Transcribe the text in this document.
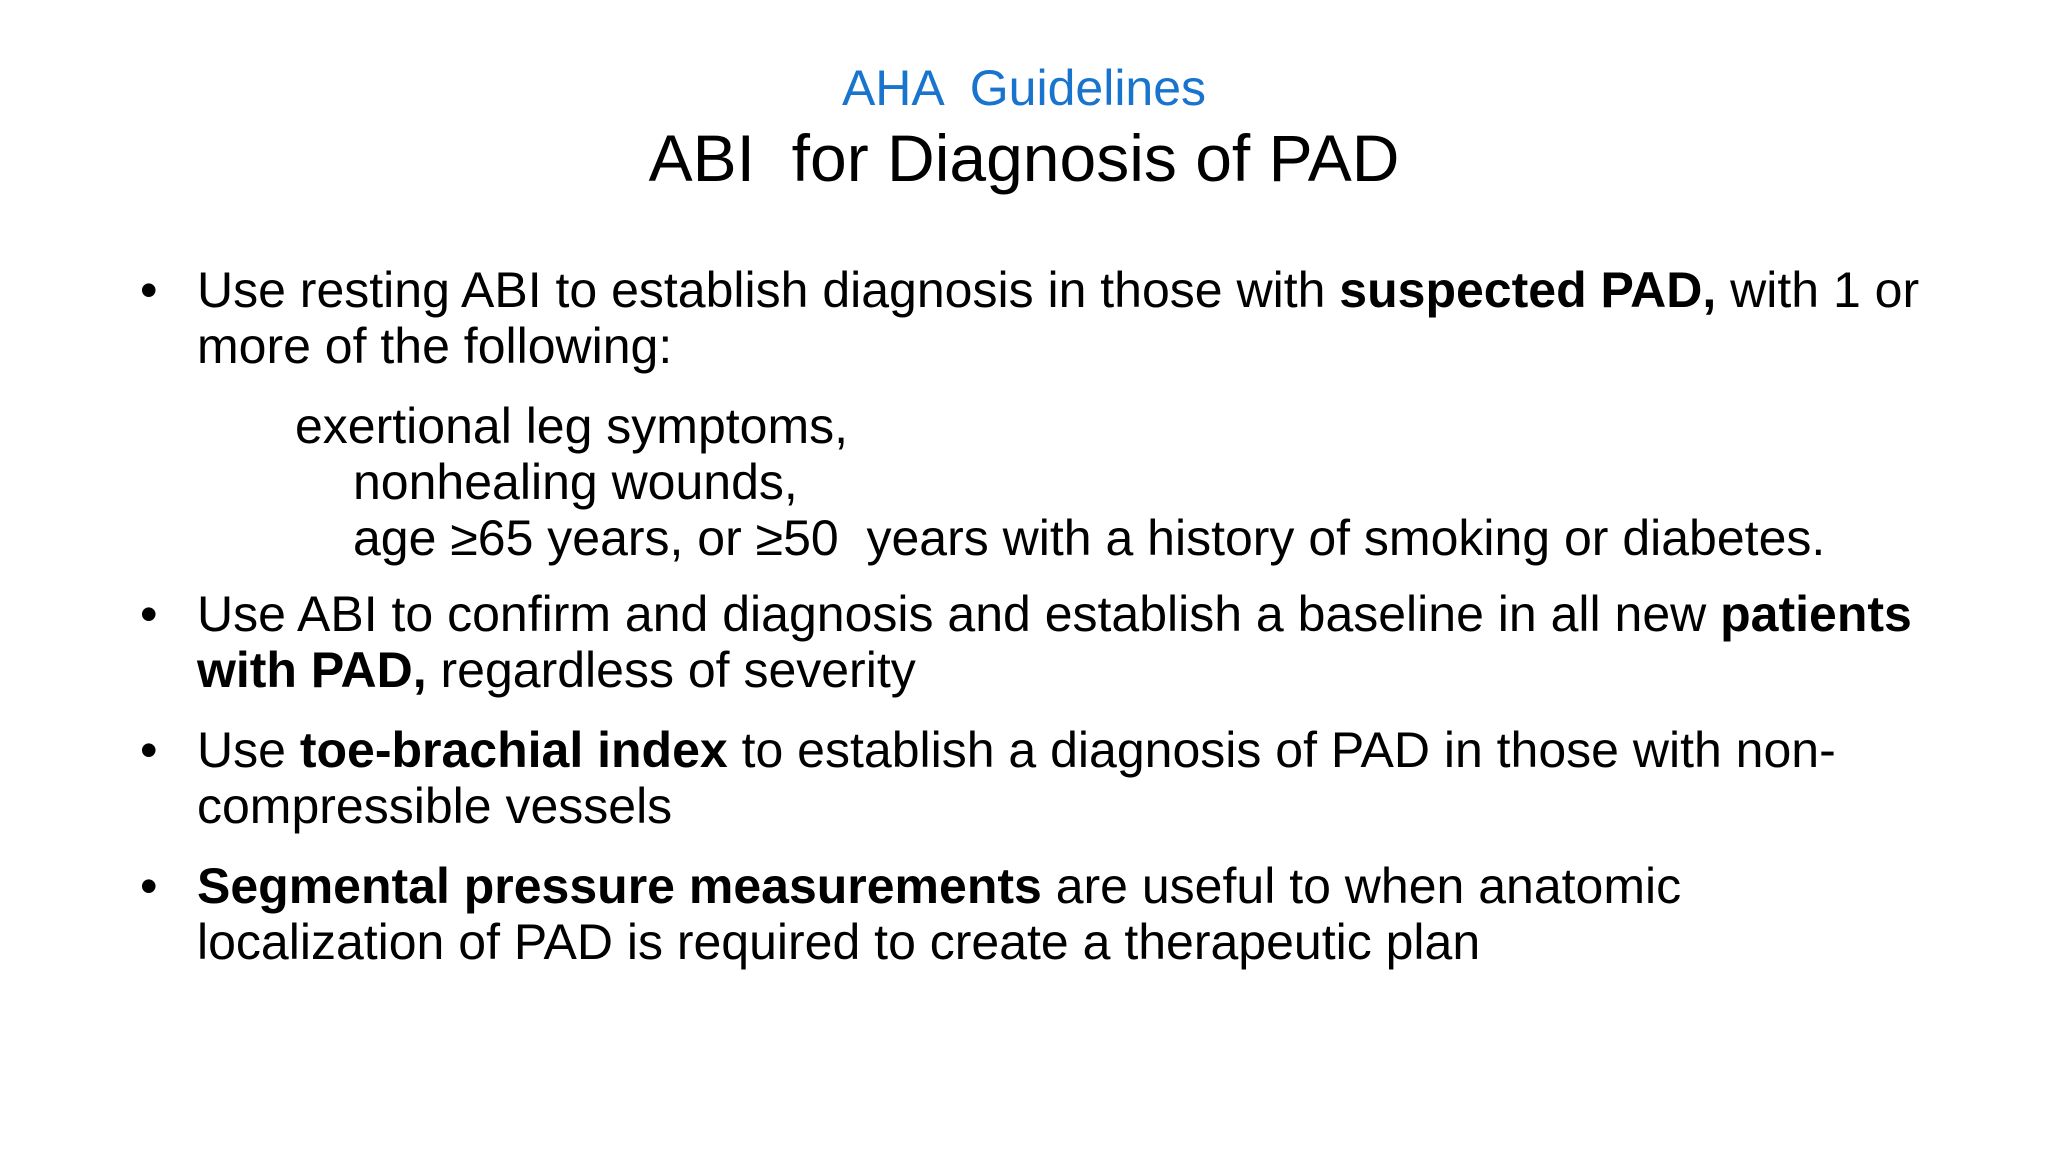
AHA  Guidelines
ABI  for Diagnosis of PAD
• Use resting ABI to establish diagnosis in those with suspected PAD, with 1 or more of the following:
exertional leg symptoms,
nonhealing wounds,
age ≥65 years, or ≥50  years with a history of smoking or diabetes.
• Use ABI to confirm and diagnosis and establish a baseline in all new patients with PAD, regardless of severity
• Use toe-brachial index to establish a diagnosis of PAD in those with non-compressible vessels
• Segmental pressure measurements are useful to when anatomic localization of PAD is required to create a therapeutic plan
